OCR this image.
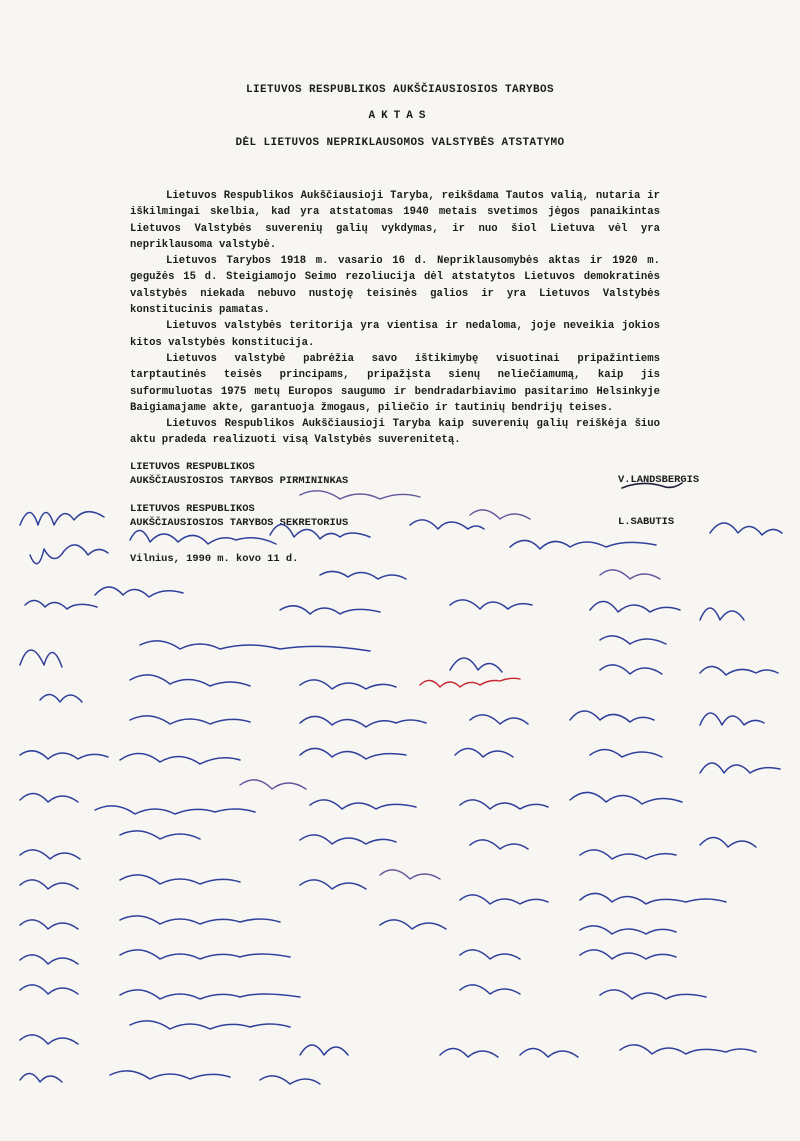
LIETUVOS RESPUBLIKOS AUKŠČIAUSIOSIOS TARYBOS
AKTAS
DĖL LIETUVOS NEPRIKLAUSOMOS VALSTYBĖS ATSTATYMO

Lietuvos Respublikos Aukščiausioji Taryba, reikšdama Tautos valią, nutaria ir iškilmingai skelbia, kad yra atstatomas 1940 metais svetimos jėgos panaikintas Lietuvos Valstybės suverenių galių vykdymas, ir nuo šiol Lietuva vėl yra nepriklausoma valstybė.

Lietuvos Tarybos 1918 m. vasario 16 d. Nepriklausomybės aktas ir 1920 m. gegužės 15 d. Steigiamojo Seimo rezoliucija dėl atstatytos Lietuvos demokratinės valstybės niekada nebuvo nustoję teisinės galios ir yra Lietuvos Valstybės konstitucinis pamatas.

Lietuvos valstybės teritorija yra vientisa ir nedaloma, joje neveikia jokios kitos valstybės konstitucija.

Lietuvos valstybė pabrėžia savo ištikimybę visuotinai pripažintiems tarptautinės teisės principams, pripažįsta sienų neliečiamumą, kaip jis suformuluotas 1975 metų Europos saugumo ir bendradarbiavimo pasitarimo Helsinkyje Baigiamajame akte, garantuoja žmogaus, piliečio ir tautinių bendrijų teises.

Lietuvos Respublikos Aukščiausioji Taryba kaip suverenių galių reiškėja šiuo aktu pradeda realizuoti visą Valstybės suverenitetą.

LIETUVOS RESPUBLIKOS
AUKŠČIAUSIOSIOS TARYBOS PIRMININKAS	V.LANDSBERGIS
LIETUVOS RESPUBLIKOS
AUKŠČIAUSIOSIOS TARYBOS SEKRETORIUS	L.SABUTIS
Vilnius, 1990 m. kovo 11 d.
